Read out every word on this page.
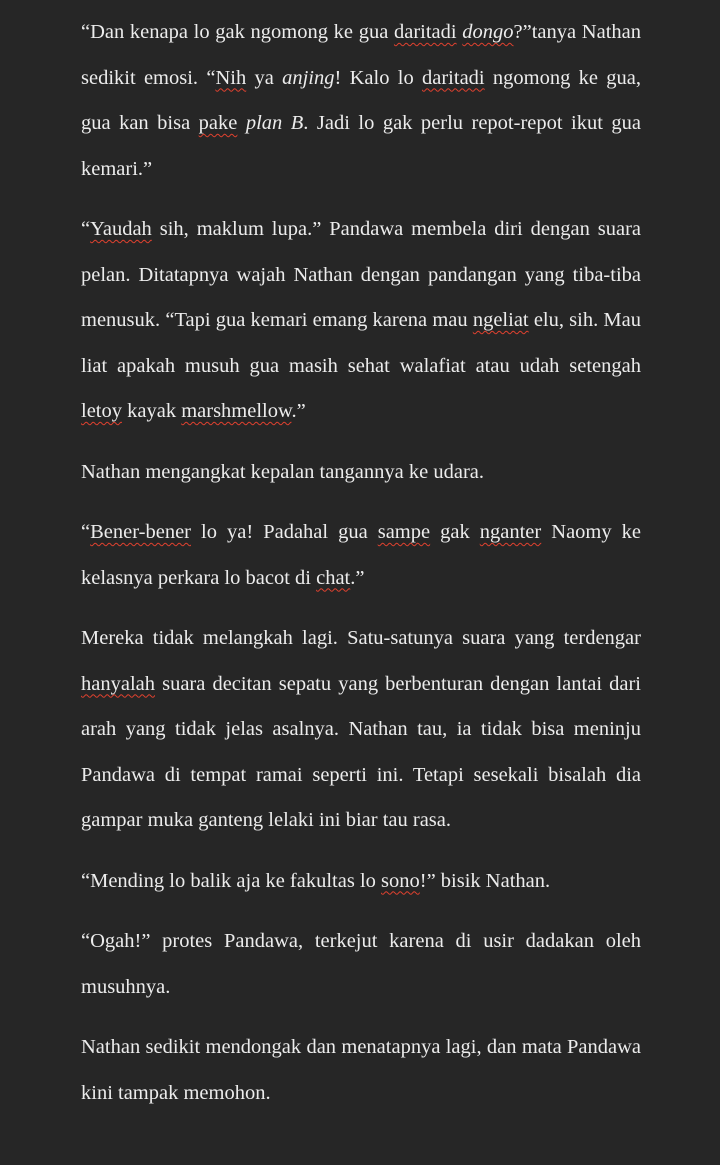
“Dan kenapa lo gak ngomong ke gua daritadi dongo?”tanya Nathan sedikit emosi. “Nih ya anjing! Kalo lo daritadi ngomong ke gua, gua kan bisa pake plan B. Jadi lo gak perlu repot-repot ikut gua kemari.”

“Yaudah sih, maklum lupa.” Pandawa membela diri dengan suara pelan. Ditatapnya wajah Nathan dengan pandangan yang tiba-tiba menusuk. “Tapi gua kemari emang karena mau ngeliat elu, sih. Mau liat apakah musuh gua masih sehat walafiat atau udah setengah letoy kayak marshmellow.”

Nathan mengangkat kepalan tangannya ke udara.

“Bener-bener lo ya! Padahal gua sampe gak nganter Naomy ke kelasnya perkara lo bacot di chat.”

Mereka tidak melangkah lagi. Satu-satunya suara yang terdengar hanyalah suara decitan sepatu yang berbenturan dengan lantai dari arah yang tidak jelas asalnya. Nathan tau, ia tidak bisa meninju Pandawa di tempat ramai seperti ini. Tetapi sesekali bisalah dia gampar muka ganteng lelaki ini biar tau rasa.

“Mending lo balik aja ke fakultas lo sono!” bisik Nathan.

“Ogah!” protes Pandawa, terkejut karena di usir dadakan oleh musuhnya.

Nathan sedikit mendongak dan menatapnya lagi, dan mata Pandawa kini tampak memohon.
